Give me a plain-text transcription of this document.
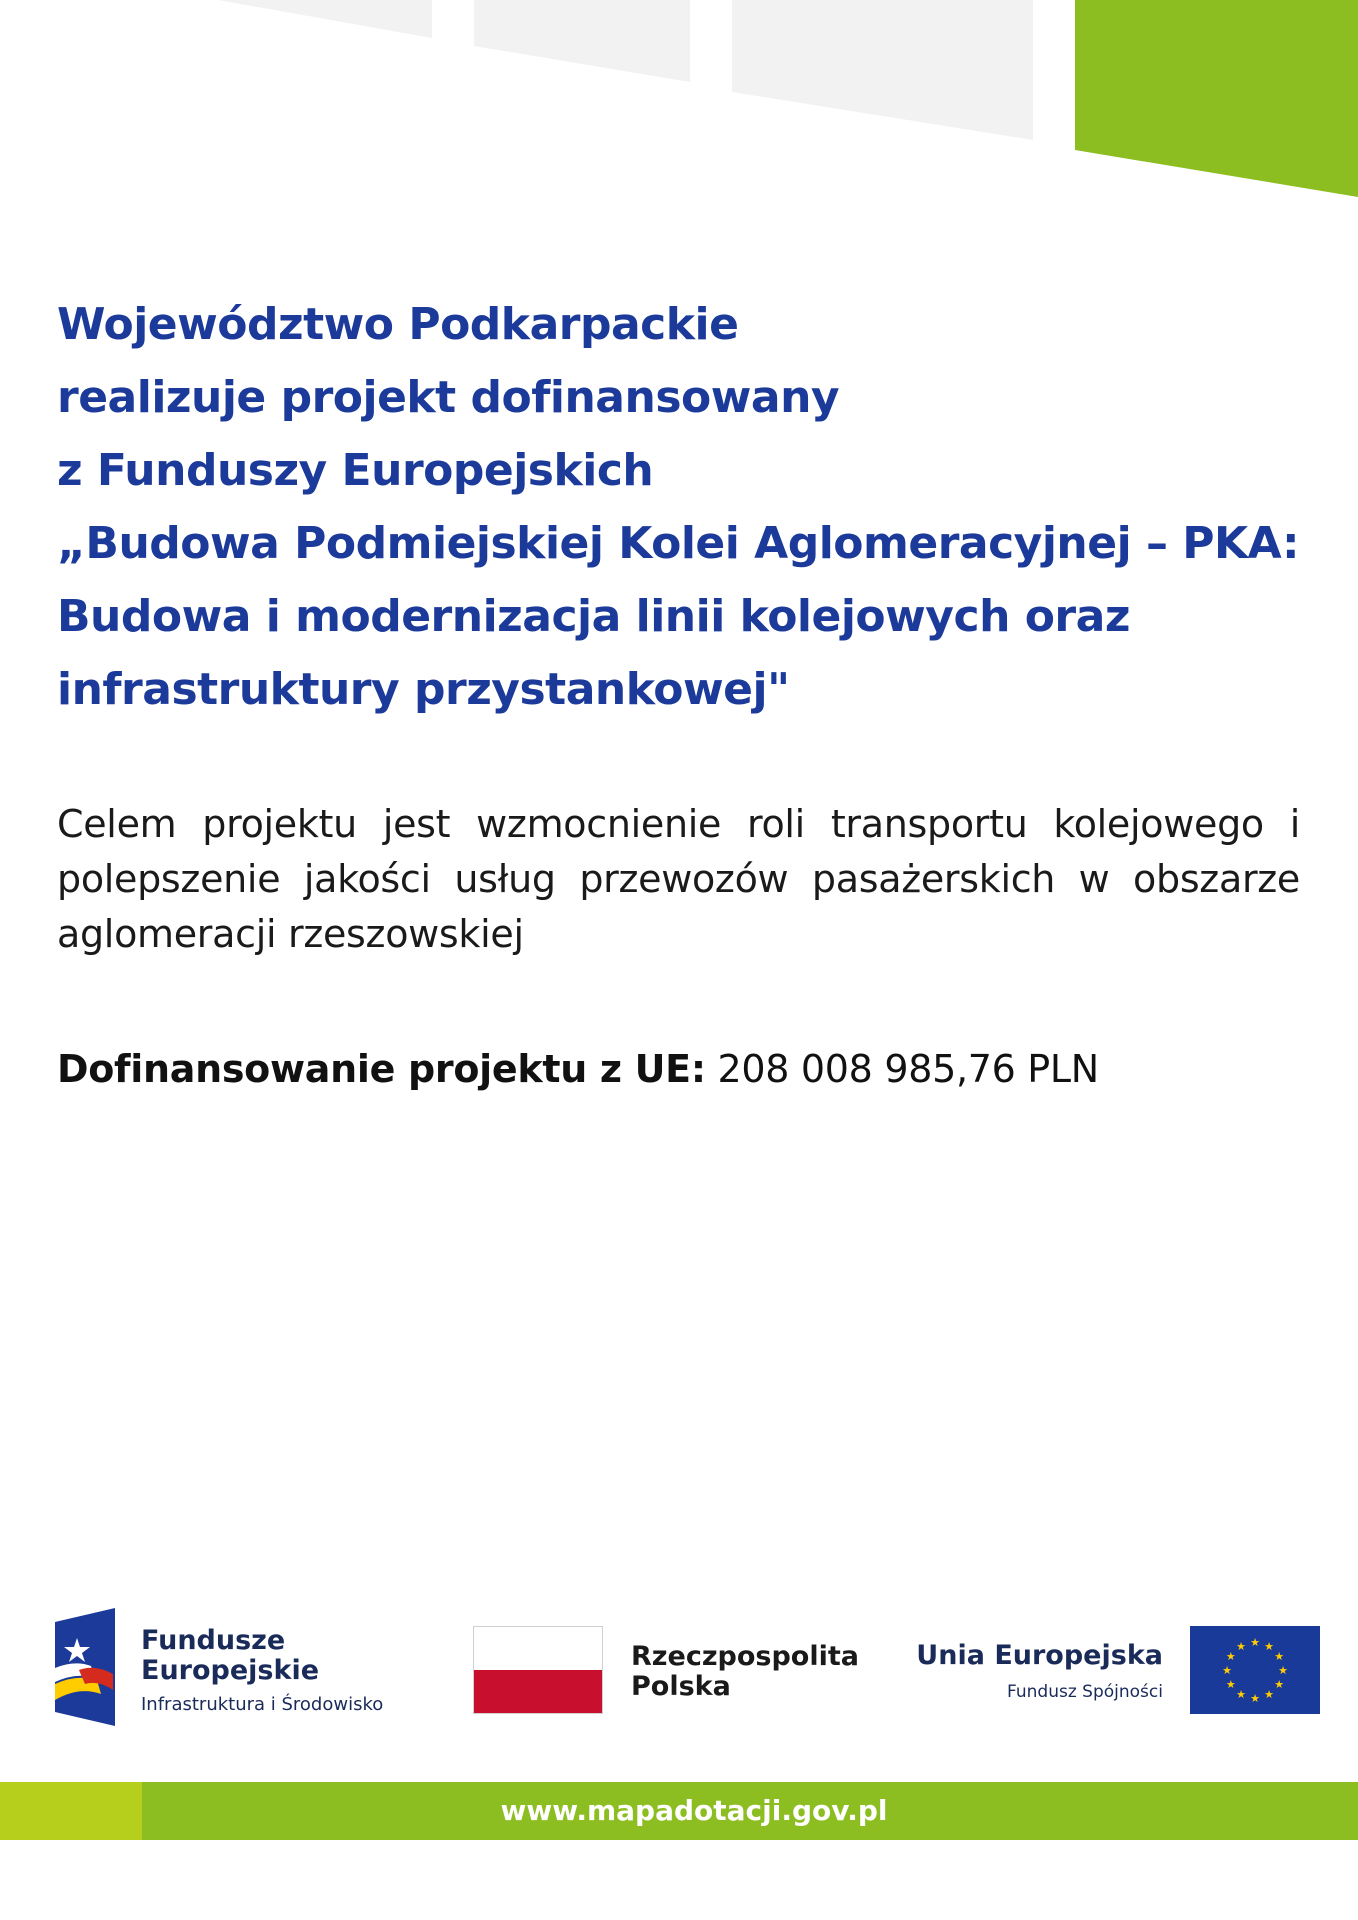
Województwo Podkarpackie
realizuje projekt dofinansowany
z Funduszy Europejskich
„Budowa Podmiejskiej Kolei Aglomeracyjnej – PKA:
Budowa i modernizacja linii kolejowych oraz
infrastruktury przystankowej"
Celem projektu jest wzmocnienie roli transportu kolejowego i polepszenie jakości usług przewozów pasażerskich w obszarze aglomeracji rzeszowskiej
Dofinansowanie projektu z UE: 208 008 985,76 PLN
Fundusze
Europejskie
Infrastruktura i Środowisko
Rzeczpospolita
Polska
Unia Europejska
Fundusz Spójności
★ ★
★
★
★
★
★
★
★
★
★
★
www.mapadotacji.gov.pl
